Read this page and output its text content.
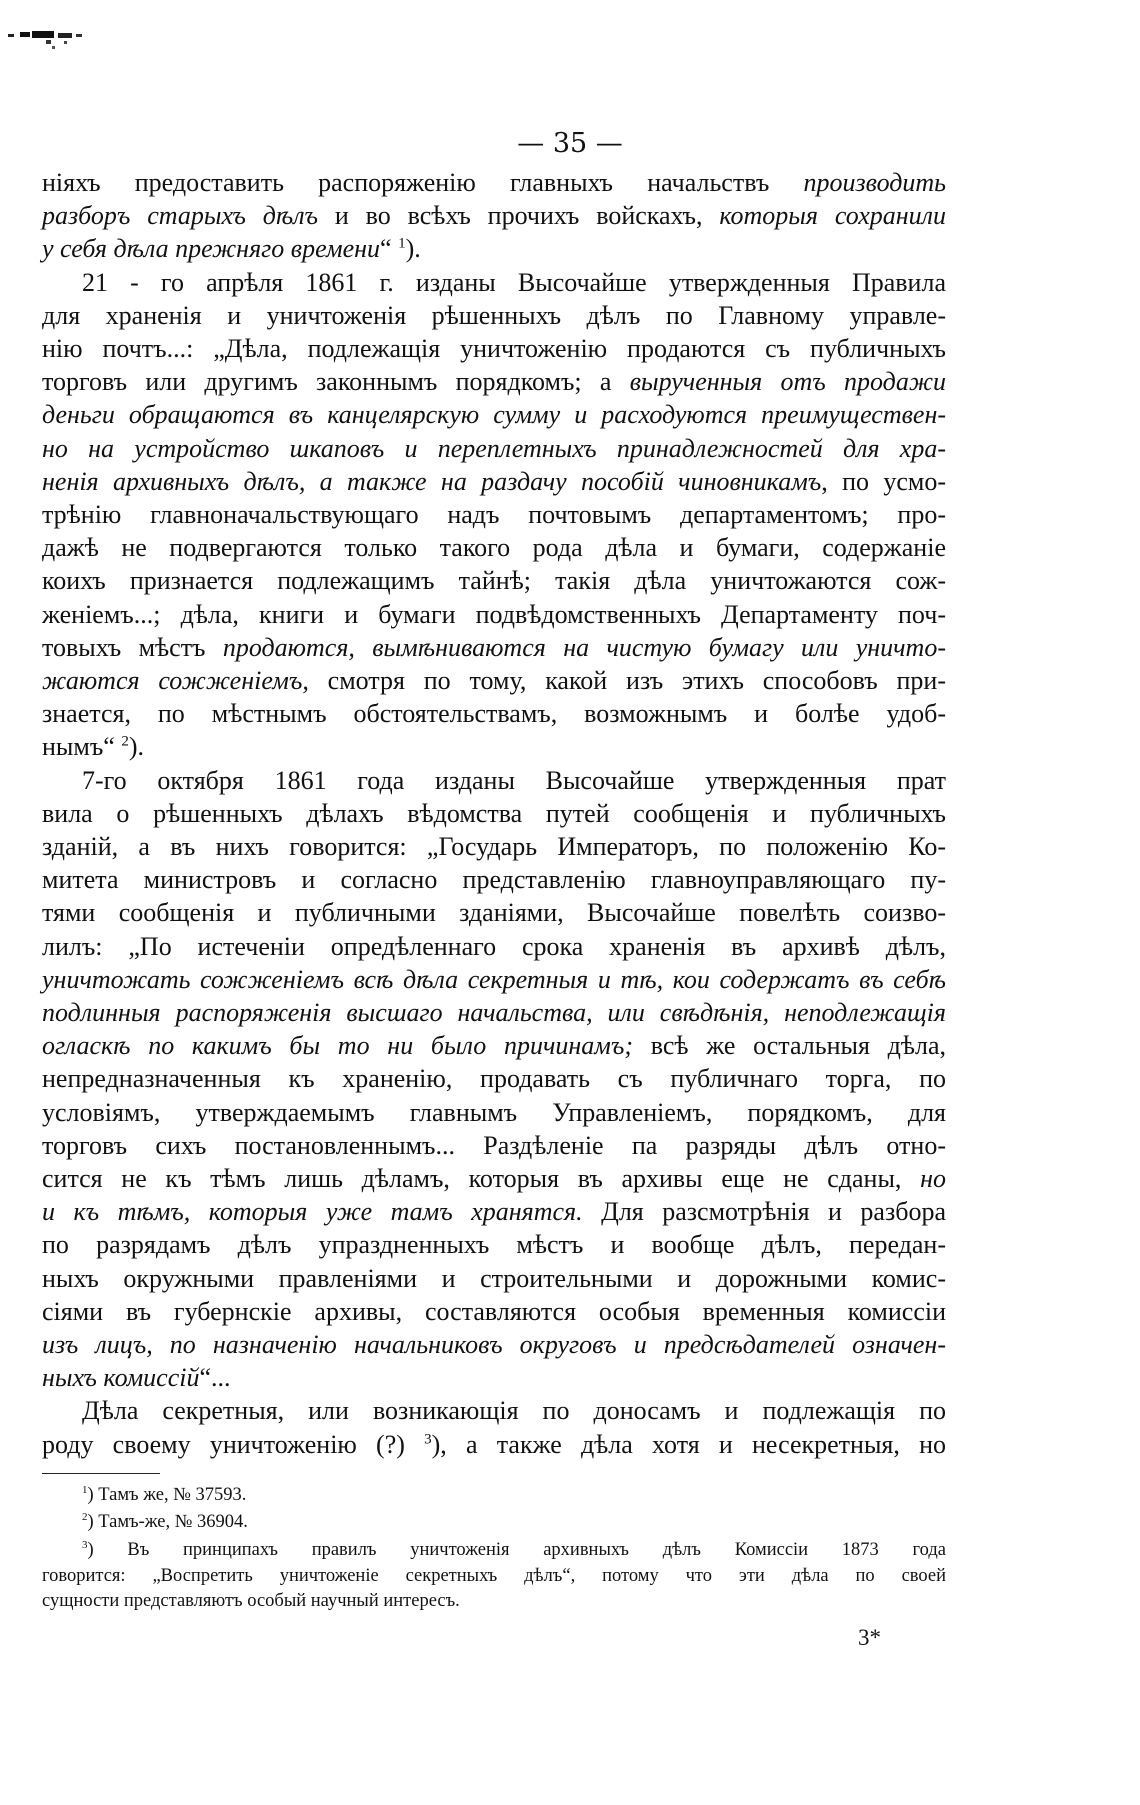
— 35 —
ніяхъ предоставить распоряженію главныхъ начальствъ производить
разборъ старыхъ дѣлъ и во всѣхъ прочихъ войскахъ, которыя сохранили
у себя дѣла прежняго времени“ $^1$).
21 - го апрѣля 1861 г. изданы Высочайше утвержденныя Правила
для храненія и уничтоженія рѣшенныхъ дѣлъ по Главному управле-
нію почтъ...: „Дѣла, подлежащія уничтоженію продаются съ публичныхъ
торговъ или другимъ законнымъ порядкомъ; а вырученныя отъ продажи
деньги обращаются въ канцелярскую сумму и расходуются преимуществен-
но на устройство шкаповъ и переплетныхъ принадлежностей для хра-
ненія архивныхъ дѣлъ, а также на раздачу пособій чиновникамъ, по усмо-
трѣнію главноначальствующаго надъ почтовымъ департаментомъ; про-
дажѣ не подвергаются только такого рода дѣла и бумаги, содержаніе
коихъ признается подлежащимъ тайнѣ; такія дѣла уничтожаются сож-
женіемъ...; дѣла, книги и бумаги подвѣдомственныхъ Департаменту поч-
товыхъ мѣстъ продаются, вымѣниваются на чистую бумагу или уничто-
жаются сожженіемъ, смотря по тому, какой изъ этихъ способовъ при-
знается, по мѣстнымъ обстоятельствамъ, возможнымъ и болѣе удоб-
нымъ“ $^2$).
7-го октября 1861 года изданы Высочайше утвержденныя прат
вила о рѣшенныхъ дѣлахъ вѣдомства путей сообщенія и публичныхъ
зданій, а въ нихъ говорится: „Государь Императоръ, по положенію Ко-
митета министровъ и согласно представленію главноуправляющаго пу-
тями сообщенія и публичными зданіями, Высочайше повелѣть соизво-
лилъ: „По истеченіи опредѣленнаго срока храненія въ архивѣ дѣлъ,
уничтожать сожженіемъ всѣ дѣла секретныя и тѣ, кои содержатъ въ себѣ
подлинныя распоряженія высшаго начальства, или свѣдѣнія, неподлежащія
огласкѣ по какимъ бы то ни было причинамъ; всѣ же остальныя дѣла,
непредназначенныя къ храненію, продавать съ публичнаго торга, по
условіямъ, утверждаемымъ главнымъ Управленіемъ, порядкомъ, для
торговъ сихъ постановленнымъ... Раздѣленіе па разряды дѣлъ отно-
сится не къ тѣмъ лишь дѣламъ, которыя въ архивы еще не сданы, но
и къ тѣмъ, которыя уже тамъ хранятся. Для разсмотрѣнія и разбора
по разрядамъ дѣлъ упраздненныхъ мѣстъ и вообще дѣлъ, передан-
ныхъ окружными правленіями и строительными и дорожными комис-
сіями въ губернскіе архивы, составляются особыя временныя комиссіи
изъ лицъ, по назначенію начальниковъ округовъ и предсѣдателей означен-
ныхъ комиссій“...
Дѣла секретныя, или возникающія по доносамъ и подлежащія по
роду своему уничтоженію (?) $^3$), а также дѣла хотя и несекретныя, но
$^1$) Тамъ же, № 37593.
$^2$) Тамъ-же, № 36904.
$^3$) Въ принципахъ правилъ уничтоженія архивныхъ дѣлъ Комиссіи 1873 года
говорится: „Воспретить уничтоженіе секретныхъ дѣлъ“, потому что эти дѣла по своей
сущности представляютъ особый научный интересъ.
3*
